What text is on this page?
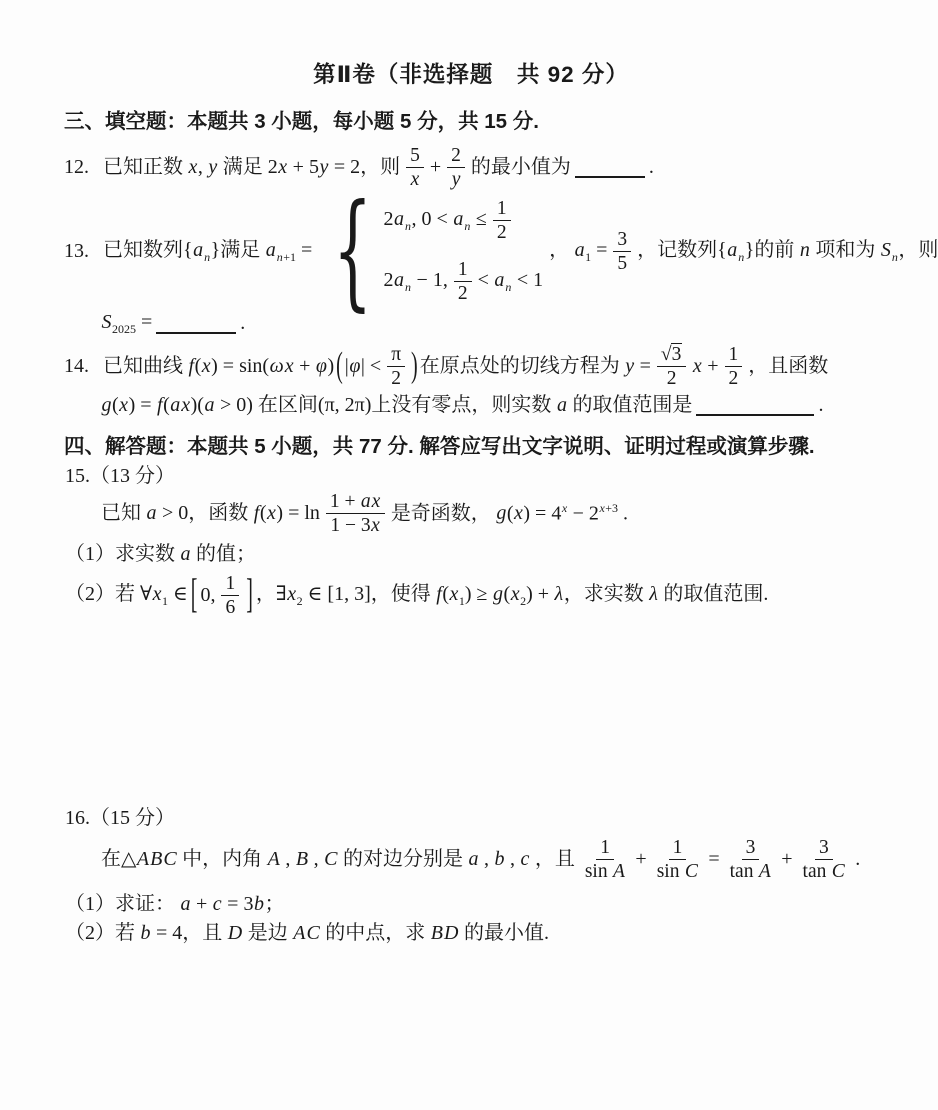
第Ⅱ卷（非选择题　共 92 分）
三、填空题：本题共 3 小题，每小题 5 分，共 15 分.
12. 已知正数 x, y 满足 2x + 5y = 2，则 $\frac{5}{x} + \frac{2}{y}$ 的最小值为	.
13. 已知数列$\{a_n\}$满足 $a_{n+1}$ = { $2a_n$, $0 < a_n \le \frac{1}{2}$
$2a_n - 1$, $\frac{1}{2} < a_n < 1$
， $a_1 = \frac{3}{5}$ ，记数列$\{a_n\}$的前 n 项和为 $S_n$，则
$S_{2025}$ =	.
14. 已知曲线 f(x) = sin(ωx + φ) ( $|\varphi| < \frac{\pi}{2}$ ) 在原点处的切线方程为 $y = \frac{√3}{2}$ $x + \frac{1}{2}$ ，且函数
g(x) = f(ax)(a > 0) 在区间(π, 2π)上没有零点，则实数 a 的取值范围是	.
四、解答题：本题共 5 小题，共 77 分. 解答应写出文字说明、证明过程或演算步骤.
15.（13 分）
已知 a > 0，函数 $f(x) = \ln \frac{1 + ax}{1 - 3x}$ 是奇函数， $g(x) = 4^x - 2^{x+3}$ .
（1）求实数 a 的值；
（2）若 $\forall x_1$ ∈ [ 0, $\frac{1}{6}$ ] ，$\exists x_2$ ∈ [1, 3]，使得 $f(x_1) \ge g(x_2) + \lambda$，求实数 λ 的取值范围.
16.（15 分）
在△ABC 中，内角 A , B , C 的对边分别是 a , b , c ，且 $\frac{1}{\text{sin A}} + \frac{1}{\text{sin C}} = \frac{3}{\text{tan A}} + \frac{3}{\text{tan C}}$ .
（1）求证： a + c = 3b；
（2）若 b = 4，且 D 是边 AC 的中点，求 BD 的最小值.
